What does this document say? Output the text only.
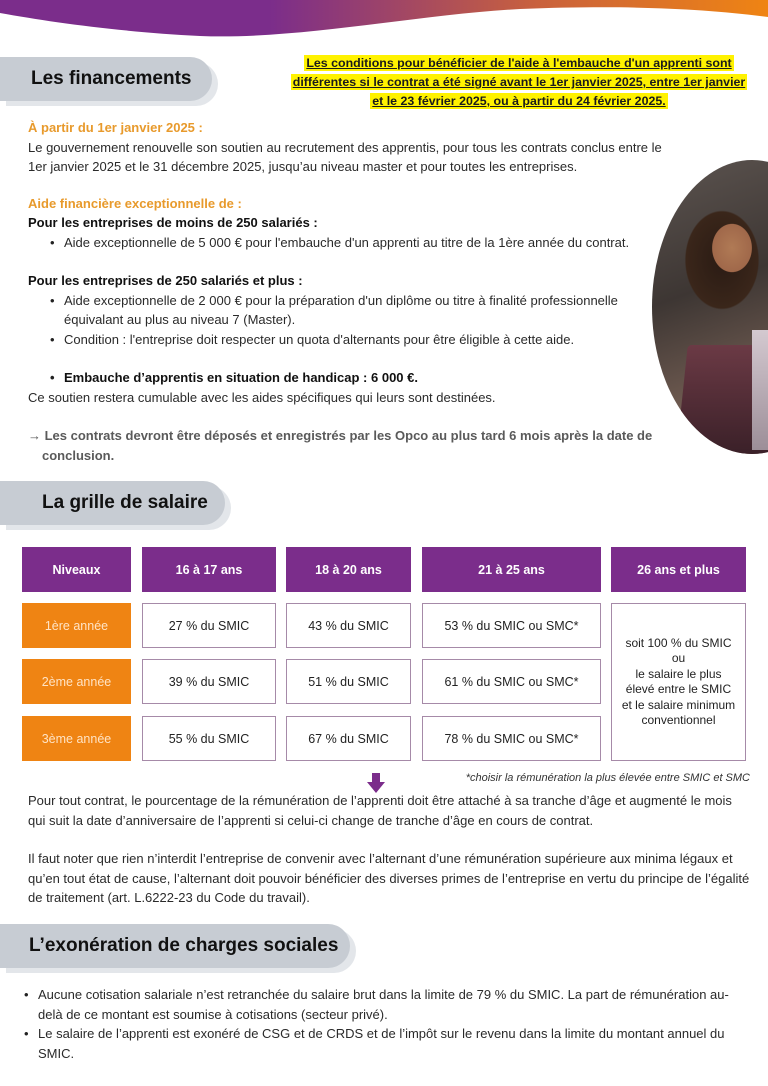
Les financements
Les conditions pour bénéficier de l'aide à l'embauche d'un apprenti sont différentes si le contrat a été signé avant le 1er janvier 2025, entre 1er janvier et le 23 février 2025, ou à partir du 24 février 2025.
À partir du 1er janvier 2025 :
Le gouvernement renouvelle son soutien au recrutement des apprentis, pour tous les contrats conclus entre le 1er janvier 2025 et le 31 décembre 2025, jusqu’au niveau master et pour toutes les entreprises.
Aide financière exceptionnelle de :
Pour les entreprises de moins de 250 salariés :
• Aide exceptionnelle de 5 000 € pour l'embauche d'un apprenti au titre de la 1ère année du contrat.
Pour les entreprises de 250 salariés et plus :
• Aide exceptionnelle de 2 000 € pour la préparation d'un diplôme ou titre à finalité professionnelle équivalant au plus au niveau 7 (Master).
• Condition : l'entreprise doit respecter un quota d'alternants pour être éligible à cette aide.
• Embauche d’apprentis en situation de handicap : 6 000 €.
Ce soutien restera cumulable avec les aides spécifiques qui leurs sont destinées.
→ Les contrats devront être déposés et enregistrés par les Opco au plus tard 6 mois après la date de conclusion.
La grille de salaire
Niveaux	16 à 17 ans	18 à 20 ans	21 à 25 ans	26 ans et plus
1ère année	27 % du SMIC	43 % du SMIC	53 % du SMIC ou SMC*
2ème année	39 % du SMIC	51 % du SMIC	61 % du SMIC ou SMC*
3ème année	55 % du SMIC	67 % du SMIC	78 % du SMIC ou SMC*
soit 100 % du SMIC
ou
le salaire le plus
élevé entre le SMIC
et le salaire minimum
conventionnel
*choisir la rémunération la plus élevée entre SMIC et SMC
Pour tout contrat, le pourcentage de la rémunération de l’apprenti doit être attaché à sa tranche d’âge et augmenté le mois qui suit la date d’anniversaire de l’apprenti si celui-ci change de tranche d’âge en cours de contrat.
Il faut noter que rien n’interdit l’entreprise de convenir avec l’alternant d’une rémunération supérieure aux minima légaux et qu’en tout état de cause, l’alternant doit pouvoir bénéficier des diverses primes de l’entreprise en vertu du principe de l’égalité de traitement (art. L.6222-23 du Code du travail).
L’exonération de charges sociales
• Aucune cotisation salariale n’est retranchée du salaire brut dans la limite de 79 % du SMIC. La part de rémunération au-delà de ce montant est soumise à cotisations (secteur privé).
• Le salaire de l’apprenti est exonéré de CSG et de CRDS et de l’impôt sur le revenu dans la limite du montant annuel du SMIC.
